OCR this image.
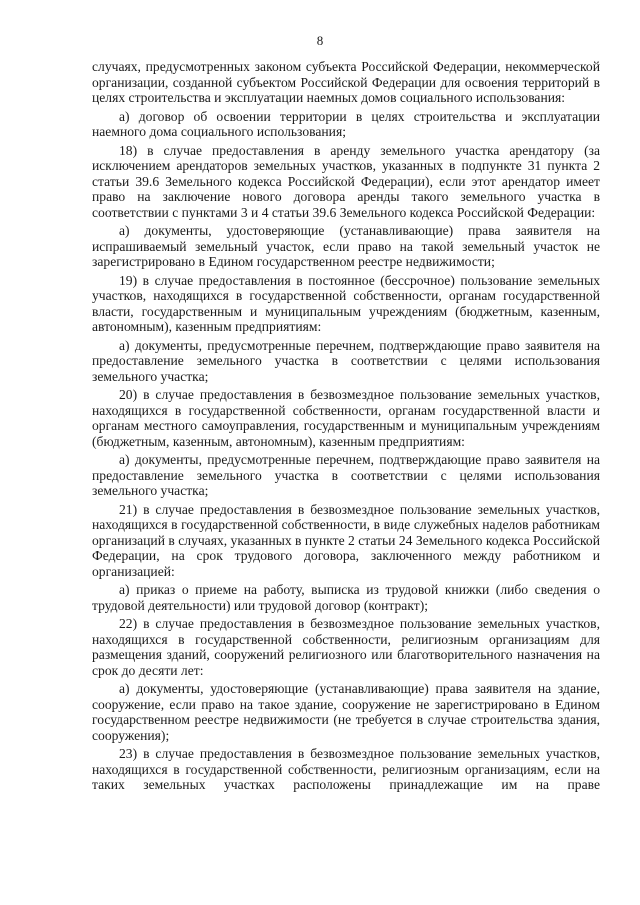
8

случаях, предусмотренных законом субъекта Российской Федерации, некоммерческой организации, созданной субъектом Российской Федерации для освоения территорий в целях строительства и эксплуатации наемных домов социального использования:

а) договор об освоении территории в целях строительства и эксплуатации наемного дома социального использования;

18) в случае предоставления в аренду земельного участка арендатору (за исключением арендаторов земельных участков, указанных в подпункте 31 пункта 2 статьи 39.6 Земельного кодекса Российской Федерации), если этот арендатор имеет право на заключение нового договора аренды такого земельного участка в соответствии с пунктами 3 и 4 статьи 39.6 Земельного кодекса Российской Федерации:

а) документы, удостоверяющие (устанавливающие) права заявителя на испрашиваемый земельный участок, если право на такой земельный участок не зарегистрировано в Едином государственном реестре недвижимости;

19) в случае предоставления в постоянное (бессрочное) пользование земельных участков, находящихся в государственной собственности, органам государственной власти, государственным и муниципальным учреждениям (бюджетным, казенным, автономным), казенным предприятиям:

а) документы, предусмотренные перечнем, подтверждающие право заявителя на предоставление земельного участка в соответствии с целями использования земельного участка;

20) в случае предоставления в безвозмездное пользование земельных участков, находящихся в государственной собственности, органам государственной власти и органам местного самоуправления, государственным и муниципальным учреждениям (бюджетным, казенным, автономным), казенным предприятиям:

а) документы, предусмотренные перечнем, подтверждающие право заявителя на предоставление земельного участка в соответствии с целями использования земельного участка;

21) в случае предоставления в безвозмездное пользование земельных участков, находящихся в государственной собственности, в виде служебных наделов работникам организаций в случаях, указанных в пункте 2 статьи 24 Земельного кодекса Российской Федерации, на срок трудового договора, заключенного между работником и организацией:

а) приказ о приеме на работу, выписка из трудовой книжки (либо сведения о трудовой деятельности) или трудовой договор (контракт);

22) в случае предоставления в безвозмездное пользование земельных участков, находящихся в государственной собственности, религиозным организациям для размещения зданий, сооружений религиозного или благотворительного назначения на срок до десяти лет:

а) документы, удостоверяющие (устанавливающие) права заявителя на здание, сооружение, если право на такое здание, сооружение не зарегистрировано в Едином государственном реестре недвижимости (не требуется в случае строительства здания, сооружения);

23) в случае предоставления в безвозмездное пользование земельных участков, находящихся в государственной собственности, религиозным организациям, если на таких земельных участках расположены принадлежащие им на праве
